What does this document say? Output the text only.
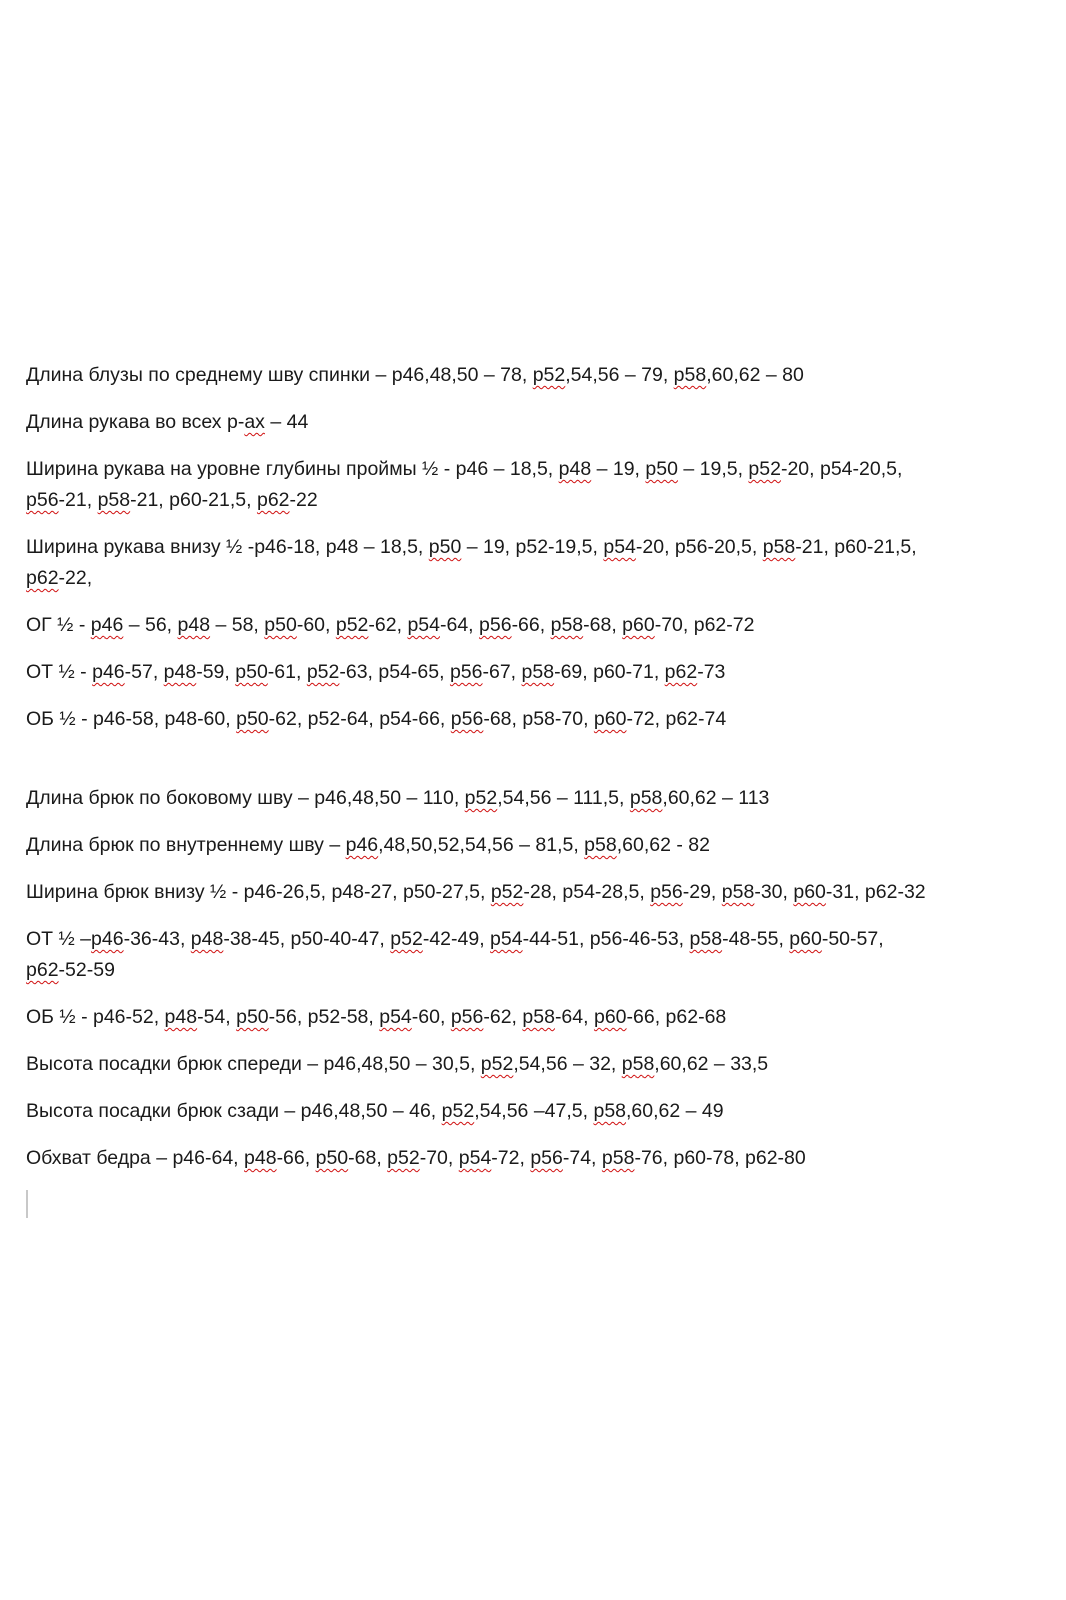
Длина блузы по среднему шву спинки – р46,48,50 – 78, р52,54,56 – 79, р58,60,62 – 80

Длина рукава во всех р-ах – 44

Ширина рукава на уровне глубины проймы ½ - р46 – 18,5, р48 – 19, р50 – 19,5, р52-20, р54-20,5,
р56-21, р58-21, р60-21,5, р62-22

Ширина рукава внизу ½ -р46-18, р48 – 18,5, р50 – 19, р52-19,5, р54-20, р56-20,5, р58-21, р60-21,5,
р62-22,

ОГ ½ - р46 – 56, р48 – 58, р50-60, р52-62, р54-64, р56-66, р58-68, р60-70, р62-72

ОТ ½ - р46-57, р48-59, р50-61, р52-63, р54-65, р56-67, р58-69, р60-71, р62-73

ОБ ½ - р46-58, р48-60, р50-62, р52-64, р54-66, р56-68, р58-70, р60-72, р62-74

Длина брюк по боковому шву – р46,48,50 – 110, р52,54,56 – 111,5, р58,60,62 – 113

Длина брюк по внутреннему шву – р46,48,50,52,54,56 – 81,5, р58,60,62 - 82

Ширина брюк внизу ½ - р46-26,5, р48-27, р50-27,5, р52-28, р54-28,5, р56-29, р58-30, р60-31, р62-32

ОТ ½ –р46-36-43, р48-38-45, р50-40-47, р52-42-49, р54-44-51, р56-46-53, р58-48-55, р60-50-57,
р62-52-59

ОБ ½ - р46-52, р48-54, р50-56, р52-58, р54-60, р56-62, р58-64, р60-66, р62-68

Высота посадки брюк спереди – р46,48,50 – 30,5, р52,54,56 – 32, р58,60,62 – 33,5

Высота посадки брюк сзади – р46,48,50 – 46, р52,54,56 –47,5, р58,60,62 – 49

Обхват бедра – р46-64, р48-66, р50-68, р52-70, р54-72, р56-74, р58-76, р60-78, р62-80
